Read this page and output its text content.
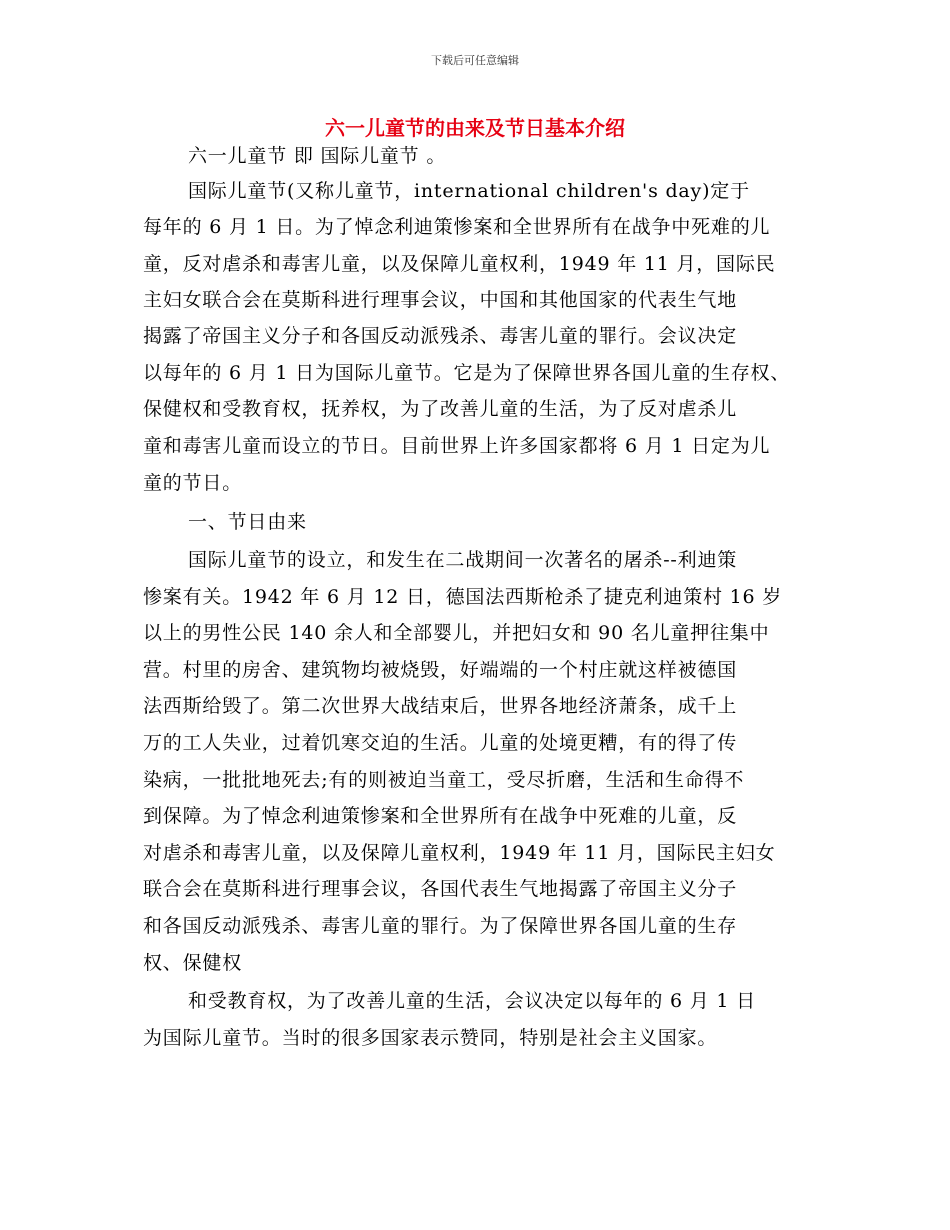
下载后可任意编辑
六一儿童节的由来及节日基本介绍
六一儿童节 即 国际儿童节 。
国际儿童节(又称儿童节，international children's day)定于
每年的 6 月 1 日。为了悼念利迪策惨案和全世界所有在战争中死难的儿
童，反对虐杀和毒害儿童，以及保障儿童权利，1949 年 11 月，国际民
主妇女联合会在莫斯科进行理事会议，中国和其他国家的代表生气地
揭露了帝国主义分子和各国反动派残杀、毒害儿童的罪行。会议决定
以每年的 6 月 1 日为国际儿童节。它是为了保障世界各国儿童的生存权、
保健权和受教育权，抚养权，为了改善儿童的生活，为了反对虐杀儿
童和毒害儿童而设立的节日。目前世界上许多国家都将 6 月 1 日定为儿
童的节日。
一、节日由来
国际儿童节的设立，和发生在二战期间一次著名的屠杀--利迪策
惨案有关。1942 年 6 月 12 日，德国法西斯枪杀了捷克利迪策村 16 岁
以上的男性公民 140 余人和全部婴儿，并把妇女和 90 名儿童押往集中
营。村里的房舍、建筑物均被烧毁，好端端的一个村庄就这样被德国
法西斯给毁了。第二次世界大战结束后，世界各地经济萧条，成千上
万的工人失业，过着饥寒交迫的生活。儿童的处境更糟，有的得了传
染病，一批批地死去;有的则被迫当童工，受尽折磨，生活和生命得不
到保障。为了悼念利迪策惨案和全世界所有在战争中死难的儿童，反
对虐杀和毒害儿童，以及保障儿童权利，1949 年 11 月，国际民主妇女
联合会在莫斯科进行理事会议，各国代表生气地揭露了帝国主义分子
和各国反动派残杀、毒害儿童的罪行。为了保障世界各国儿童的生存
权、保健权
和受教育权，为了改善儿童的生活，会议决定以每年的 6 月 1 日
为国际儿童节。当时的很多国家表示赞同，特别是社会主义国家。
